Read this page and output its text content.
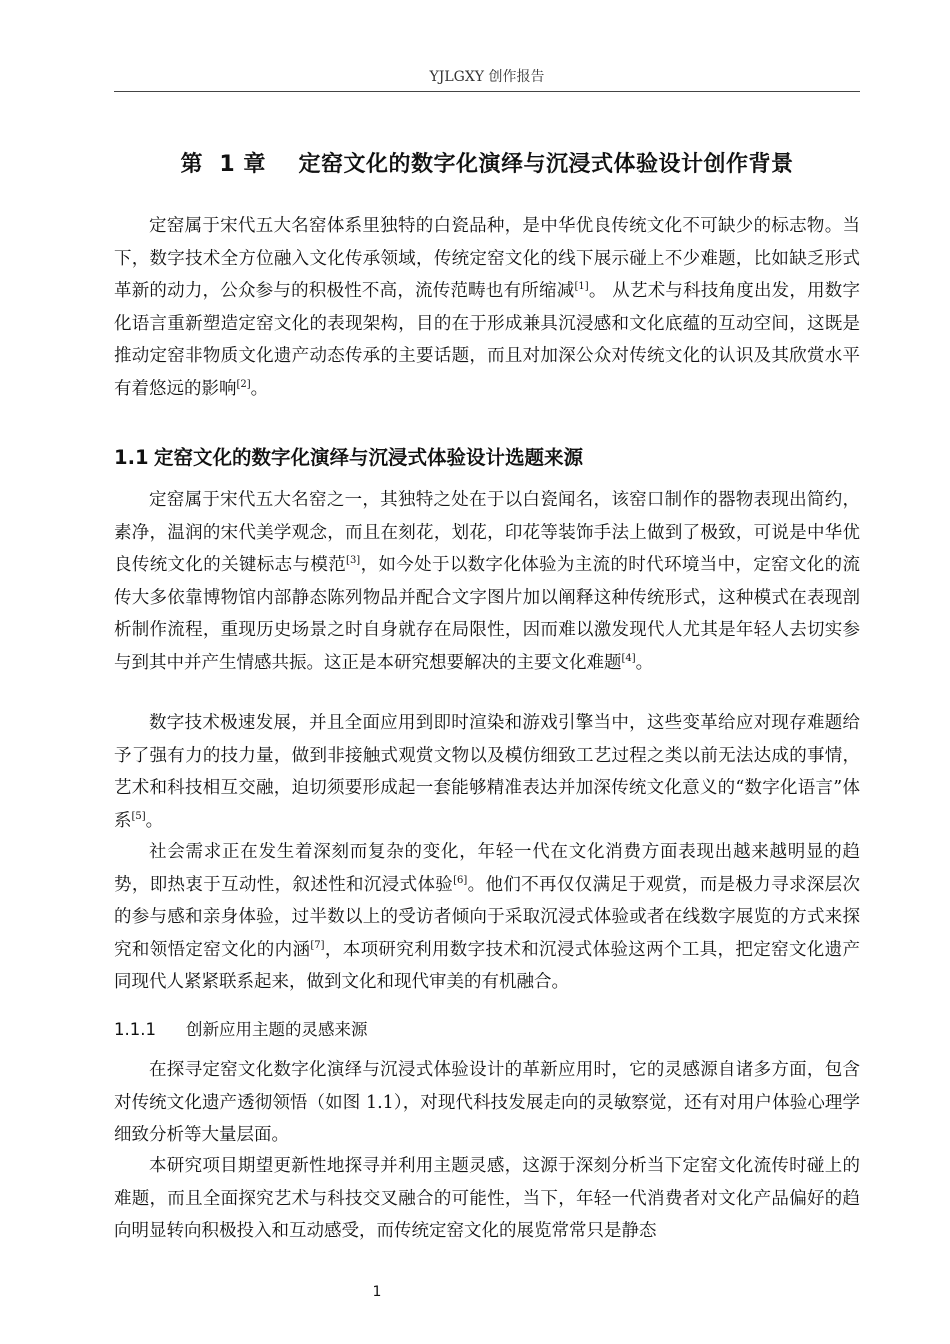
YJLGXY 创作报告
第  1 章    定窑文化的数字化演绎与沉浸式体验设计创作背景

定窑属于宋代五大名窑体系里独特的白瓷品种，是中华优良传统文化不可缺少的标志物。当下，数字技术全方位融入文化传承领域，传统定窑文化的线下展示碰上不少难题，比如缺乏形式革新的动力，公众参与的积极性不高，流传范畴也有所缩减[1]。 从艺术与科技角度出发，用数字化语言重新塑造定窑文化的表现架构，目的在于形成兼具沉浸感和文化底蕴的互动空间，这既是推动定窑非物质文化遗产动态传承的主要话题，而且对加深公众对传统文化的认识及其欣赏水平有着悠远的影响[2]。

1.1 定窑文化的数字化演绎与沉浸式体验设计选题来源

定窑属于宋代五大名窑之一，其独特之处在于以白瓷闻名，该窑口制作的器物表现出简约，素净，温润的宋代美学观念，而且在刻花，划花，印花等装饰手法上做到了极致，可说是中华优良传统文化的关键标志与模范[3]，如今处于以数字化体验为主流的时代环境当中，定窑文化的流传大多依靠博物馆内部静态陈列物品并配合文字图片加以阐释这种传统形式，这种模式在表现剖析制作流程，重现历史场景之时自身就存在局限性，因而难以激发现代人尤其是年轻人去切实参与到其中并产生情感共振。这正是本研究想要解决的主要文化难题[4]。

数字技术极速发展，并且全面应用到即时渲染和游戏引擎当中，这些变革给应对现存难题给予了强有力的技力量，做到非接触式观赏文物以及模仿细致工艺过程之类以前无法达成的事情，艺术和科技相互交融，迫切须要形成起一套能够精准表达并加深传统文化意义的“数字化语言”体系[5]。

社会需求正在发生着深刻而复杂的变化，年轻一代在文化消费方面表现出越来越明显的趋势，即热衷于互动性，叙述性和沉浸式体验[6]。他们不再仅仅满足于观赏，而是极力寻求深层次的参与感和亲身体验，过半数以上的受访者倾向于采取沉浸式体验或者在线数字展览的方式来探究和领悟定窑文化的内涵[7]，本项研究利用数字技术和沉浸式体验这两个工具，把定窑文化遗产同现代人紧紧联系起来，做到文化和现代审美的有机融合。

1.1.1 创新应用主题的灵感来源

在探寻定窑文化数字化演绎与沉浸式体验设计的革新应用时，它的灵感源自诸多方面，包含对传统文化遗产透彻领悟（如图 1.1），对现代科技发展走向的灵敏察觉，还有对用户体验心理学细致分析等大量层面。

本研究项目期望更新性地探寻并利用主题灵感，这源于深刻分析当下定窑文化流传时碰上的难题，而且全面探究艺术与科技交叉融合的可能性，当下，年轻一代消费者对文化产品偏好的趋向明显转向积极投入和互动感受，而传统定窑文化的展览常常只是静态

1
